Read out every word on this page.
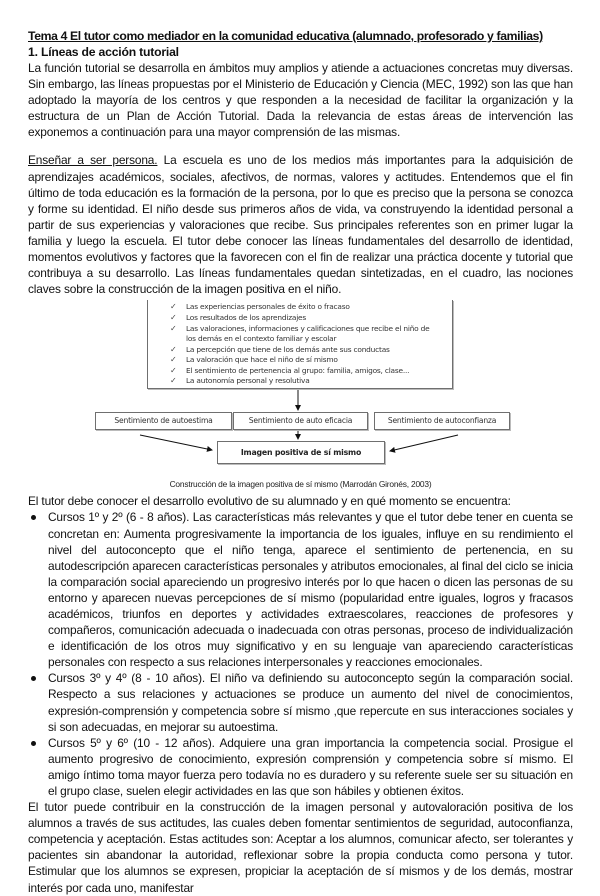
Tema 4 El tutor como mediador en la comunidad educativa (alumnado, profesorado y familias)
1. Líneas de acción tutorial

La función tutorial se desarrolla en ámbitos muy amplios y atiende a actuaciones concretas muy diversas. Sin embargo, las líneas propuestas por el Ministerio de Educación y Ciencia (MEC, 1992) son las que han adoptado la mayoría de los centros y que responden a la necesidad de facilitar la organización y la estructura de un Plan de Acción Tutorial. Dada la relevancia de estas áreas de intervención las exponemos a continuación para una mayor comprensión de las mismas.

Enseñar a ser persona. La escuela es uno de los medios más importantes para la adquisición de aprendizajes académicos, sociales, afectivos, de normas, valores y actitudes. Entendemos que el fin último de toda educación es la formación de la persona, por lo que es preciso que la persona se conozca y forme su identidad. El niño desde sus primeros años de vida, va construyendo la identidad personal a partir de sus experiencias y valoraciones que recibe. Sus principales referentes son en primer lugar la familia y luego la escuela. El tutor debe conocer las líneas fundamentales del desarrollo de identidad, momentos evolutivos y factores que la favorecen con el fin de realizar una práctica docente y tutorial que contribuya a su desarrollo. Las líneas fundamentales quedan sintetizadas, en el cuadro, las nociones claves sobre la construcción de la imagen positiva en el niño.

✓ Las experiencias personales de éxito o fracaso
✓ Los resultados de los aprendizajes
✓ Las valoraciones, informaciones y calificaciones que recibe el niño de
los demás en el contexto familiar y escolar
✓ La percepción que tiene de los demás ante sus conductas
✓ La valoración que hace el niño de sí mismo
✓ El sentimiento de pertenencia al grupo: familia, amigos, clase...
✓ La autonomía personal y resolutiva
Sentimiento de autoestima	Sentimiento de auto eficacia	Sentimiento de autoconfianza
Imagen positiva de sí mismo
Construcción de la imagen positiva de sí mismo (Marrodán Gironés, 2003)

El tutor debe conocer el desarrollo evolutivo de su alumnado y en qué momento se encuentra:

Cursos 1º y 2º (6 - 8 años). Las características más relevantes y que el tutor debe tener en cuenta se concretan en: Aumenta progresivamente la importancia de los iguales, influye en su rendimiento el nivel del autoconcepto que el niño tenga, aparece el sentimiento de pertenencia, en su autodescripción aparecen características personales y atributos emocionales, al final del ciclo se inicia la comparación social apareciendo un progresivo interés por lo que hacen o dicen las personas de su entorno y aparecen nuevas percepciones de sí mismo (popularidad entre iguales, logros y fracasos académicos, triunfos en deportes y actividades extraescolares, reacciones de profesores y compañeros, comunicación adecuada o inadecuada con otras personas, proceso de individualización e identificación de los otros muy significativo y en su lenguaje van apareciendo características personales con respecto a sus relaciones interpersonales y reacciones emocionales.
Cursos 3º y 4º (8 - 10 años). El niño va definiendo su autoconcepto según la comparación social. Respecto a sus relaciones y actuaciones se produce un aumento del nivel de conocimientos, expresión-comprensión y competencia sobre sí mismo ,que repercute en sus interacciones sociales y si son adecuadas, en mejorar su autoestima.
Cursos 5º y 6º (10 - 12 años). Adquiere una gran importancia la competencia social. Prosigue el aumento progresivo de conocimiento, expresión comprensión y competencia sobre sí mismo. El amigo íntimo toma mayor fuerza pero todavía no es duradero y su referente suele ser su situación en el grupo clase, suelen elegir actividades en las que son hábiles y obtienen éxitos.

El tutor puede contribuir en la construcción de la imagen personal y autovaloración positiva de los alumnos a través de sus actitudes, las cuales deben fomentar sentimientos de seguridad, autoconfianza, competencia y aceptación. Estas actitudes son: Aceptar a los alumnos, comunicar afecto, ser tolerantes y pacientes sin abandonar la autoridad, reflexionar sobre la propia conducta como persona y tutor. Estimular que los alumnos se expresen, propiciar la aceptación de sí mismos y de los demás, mostrar interés por cada uno, manifestar
